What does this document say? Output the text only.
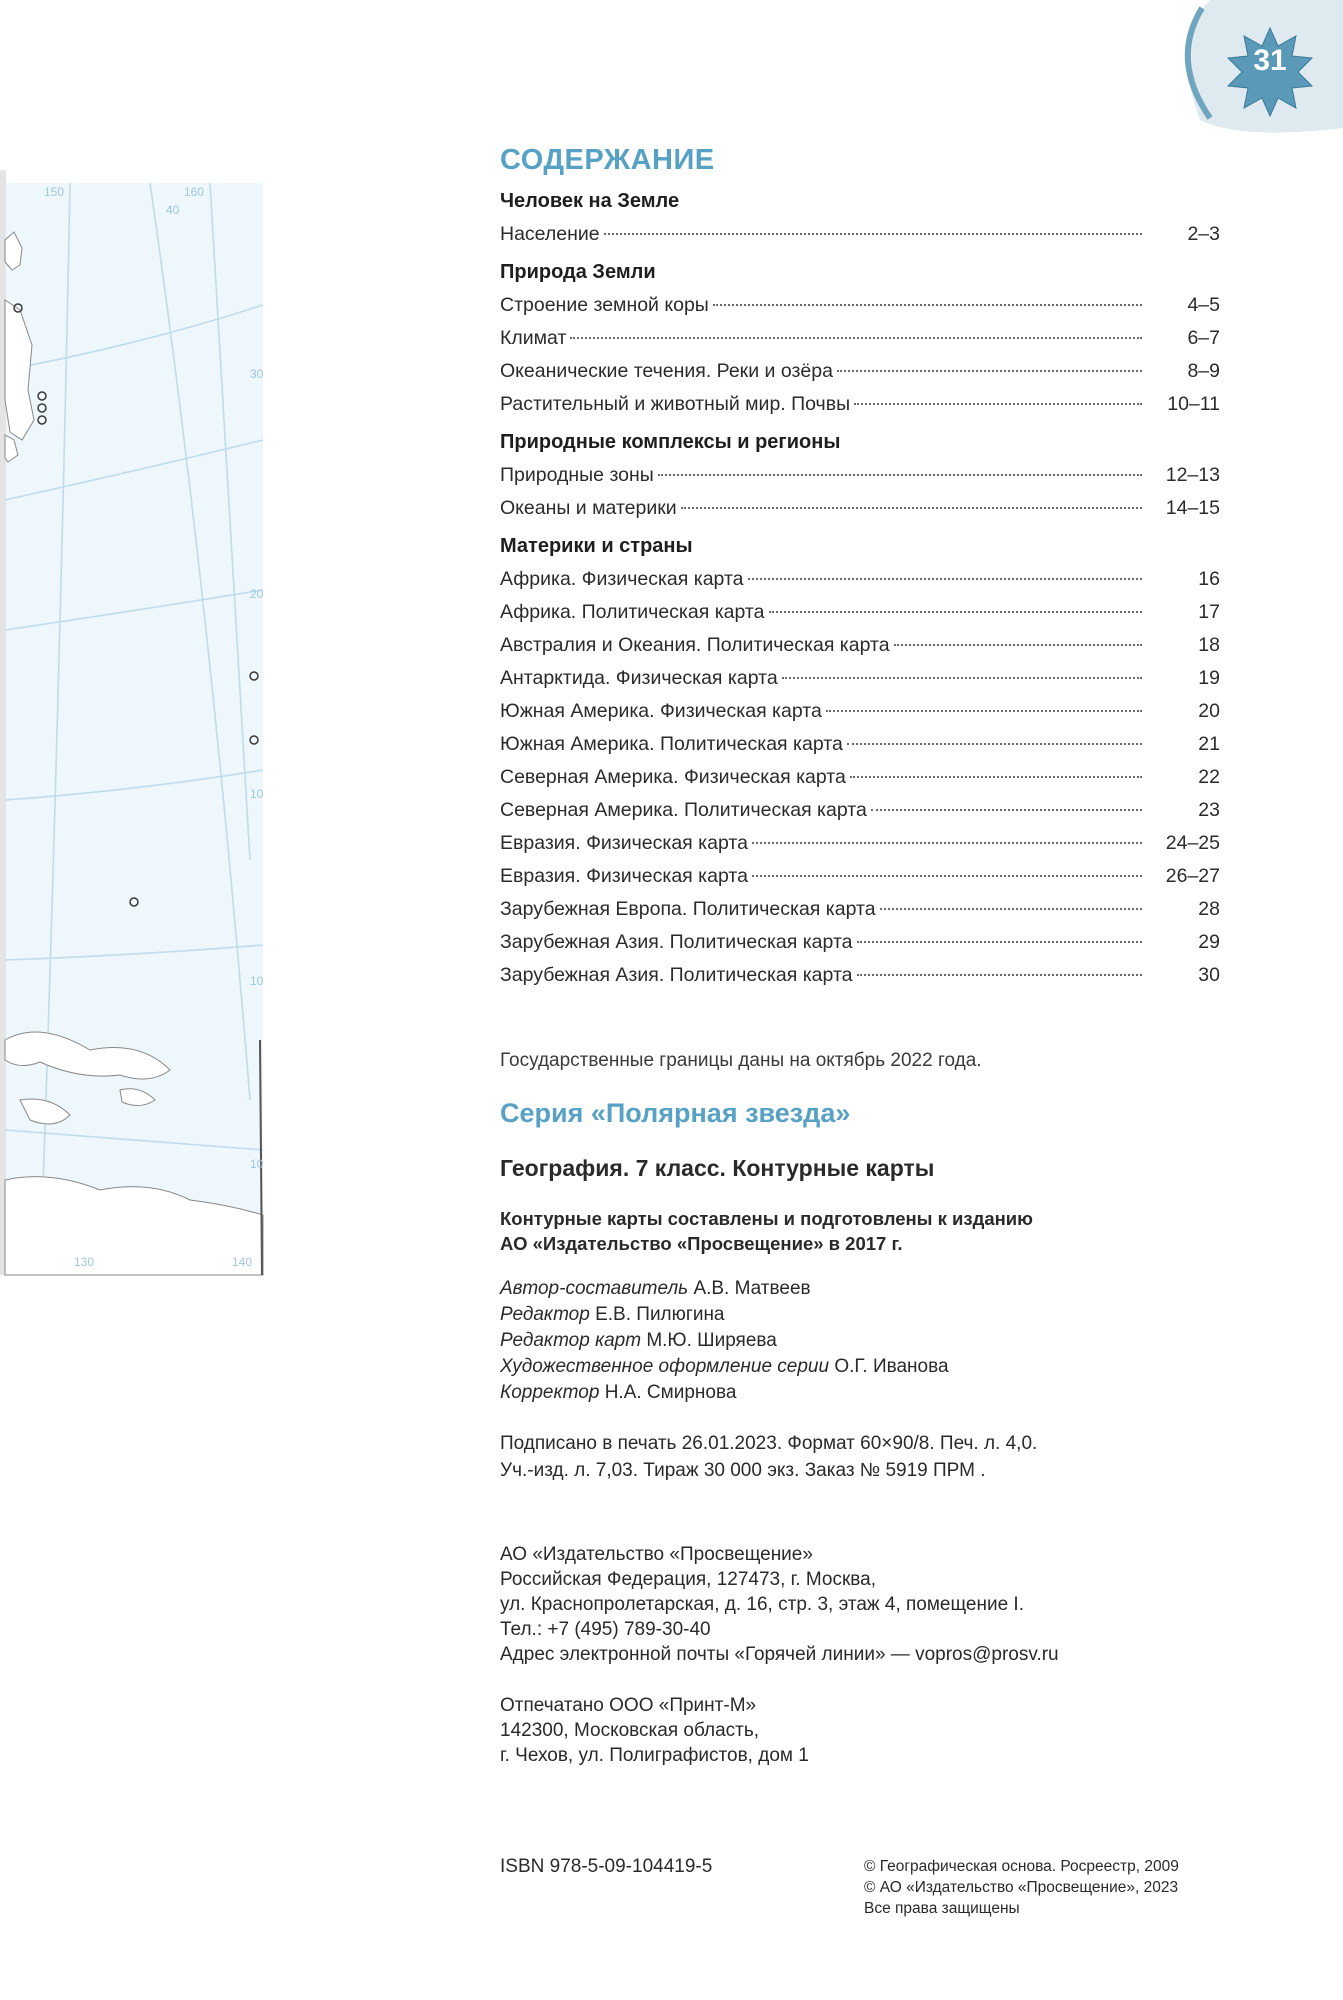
150	160
40
30
20
10
10
10
130	140
31
СОДЕРЖАНИЕ
Человек на Земле
Население	2–3
Природа Земли
Строение земной коры	4–5
Климат	6–7
Океанические течения. Реки и озёра	8–9
Растительный и животный мир. Почвы	10–11
Природные комплексы и регионы
Природные зоны	12–13
Океаны и материки	14–15
Материки и страны
Африка. Физическая карта	16
Африка. Политическая карта	17
Австралия и Океания. Политическая карта	18
Антарктида. Физическая карта	19
Южная Америка. Физическая карта	20
Южная Америка. Политическая карта	21
Северная Америка. Физическая карта	22
Северная Америка. Политическая карта	23
Евразия. Физическая карта	24–25
Евразия. Физическая карта	26–27
Зарубежная Европа. Политическая карта	28
Зарубежная Азия. Политическая карта	29
Зарубежная Азия. Политическая карта	30
Государственные границы даны на октябрь 2022 года.
Серия «Полярная звезда»
География. 7 класс. Контурные карты
Контурные карты составлены и подготовлены к изданию
АО «Издательство «Просвещение» в 2017 г.
Автор-составитель А.В. Матвеев
Редактор Е.В. Пилюгина
Редактор карт М.Ю. Ширяева
Художественное оформление серии О.Г. Иванова
Корректор Н.А. Смирнова
Подписано в печать 26.01.2023. Формат 60×90/8. Печ. л. 4,0.
Уч.-изд. л. 7,03. Тираж 30 000 экз. Заказ № 5919 ПРМ .
АО «Издательство «Просвещение»
Российская Федерация, 127473, г. Москва,
ул. Краснопролетарская, д. 16, стр. 3, этаж 4, помещение I.
Тел.: +7 (495) 789-30-40
Адрес электронной почты «Горячей линии» — vopros@prosv.ru
Отпечатано ООО «Принт-М»
142300, Московская область,
г. Чехов, ул. Полиграфистов, дом 1
ISBN 978-5-09-104419-5	© Географическая основа. Росреестр, 2009
© АО «Издательство «Просвещение», 2023
Все права защищены
